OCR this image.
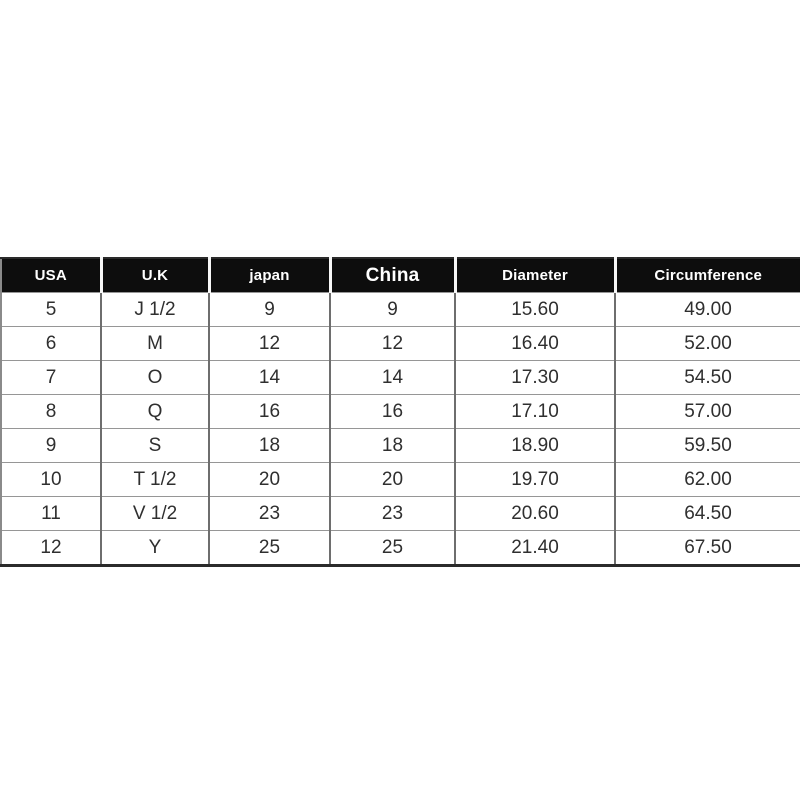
USA	U.K	japan	China	Diameter	Circumference
5	J 1/2	9	9	15.60	49.00
6	M	12	12	16.40	52.00
7	O	14	14	17.30	54.50
8	Q	16	16	17.10	57.00
9	S	18	18	18.90	59.50
10	T 1/2	20	20	19.70	62.00
11	V 1/2	23	23	20.60	64.50
12	Y	25	25	21.40	67.50
